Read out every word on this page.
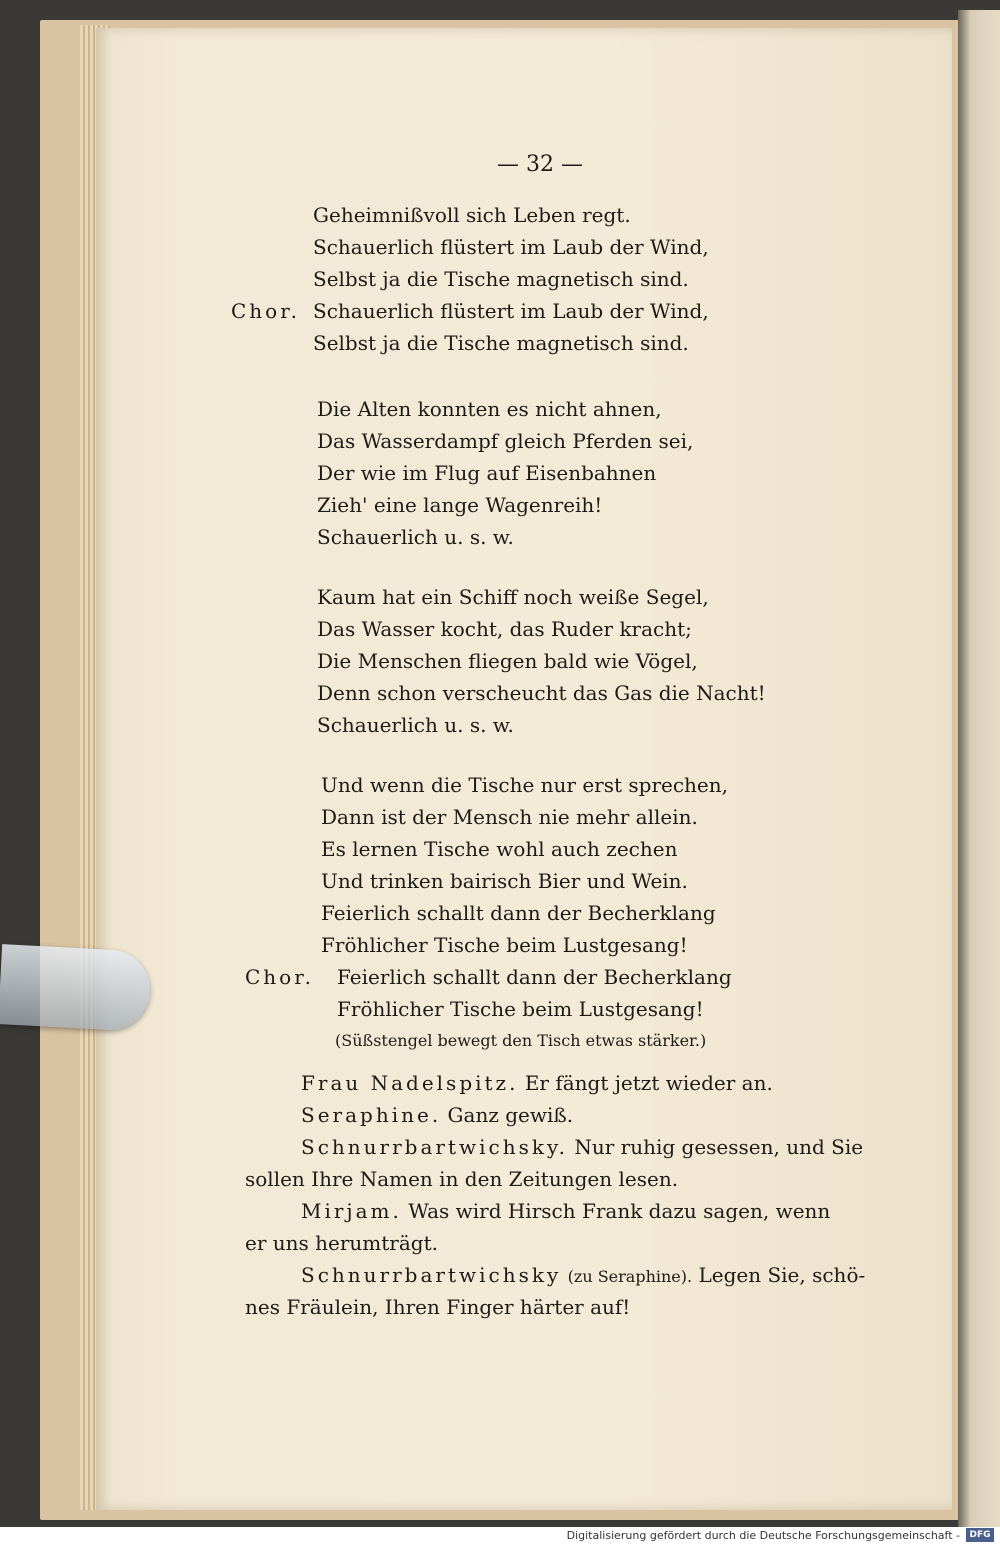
— 32 —
Geheimnißvoll sich Leben regt.
Schauerlich flüstert im Laub der Wind,
Selbst ja die Tische magnetisch sind.
Chor. Schauerlich flüstert im Laub der Wind,
Selbst ja die Tische magnetisch sind.
Die Alten konnten es nicht ahnen,
Das Wasserdampf gleich Pferden sei,
Der wie im Flug auf Eisenbahnen
Zieh' eine lange Wagenreih!
Schauerlich u. s. w.
Kaum hat ein Schiff noch weiße Segel,
Das Wasser kocht, das Ruder kracht;
Die Menschen fliegen bald wie Vögel,
Denn schon verscheucht das Gas die Nacht!
Schauerlich u. s. w.
Und wenn die Tische nur erst sprechen,
Dann ist der Mensch nie mehr allein.
Es lernen Tische wohl auch zechen
Und trinken bairisch Bier und Wein.
Feierlich schallt dann der Becherklang
Fröhlicher Tische beim Lustgesang!
Chor. Feierlich schallt dann der Becherklang
Fröhlicher Tische beim Lustgesang!
(Süßstengel bewegt den Tisch etwas stärker.)
Frau Nadelspitz. Er fängt jetzt wieder an.
Seraphine. Ganz gewiß.
Schnurrbartwichsky. Nur ruhig gesessen, und Sie
sollen Ihre Namen in den Zeitungen lesen.
Mirjam. Was wird Hirsch Frank dazu sagen, wenn
er uns herumträgt.
Schnurrbartwichsky (zu Seraphine). Legen Sie, schö-
nes Fräulein, Ihren Finger härter auf!
Digitalisierung gefördert durch die Deutsche Forschungsgemeinschaft -	DFG
